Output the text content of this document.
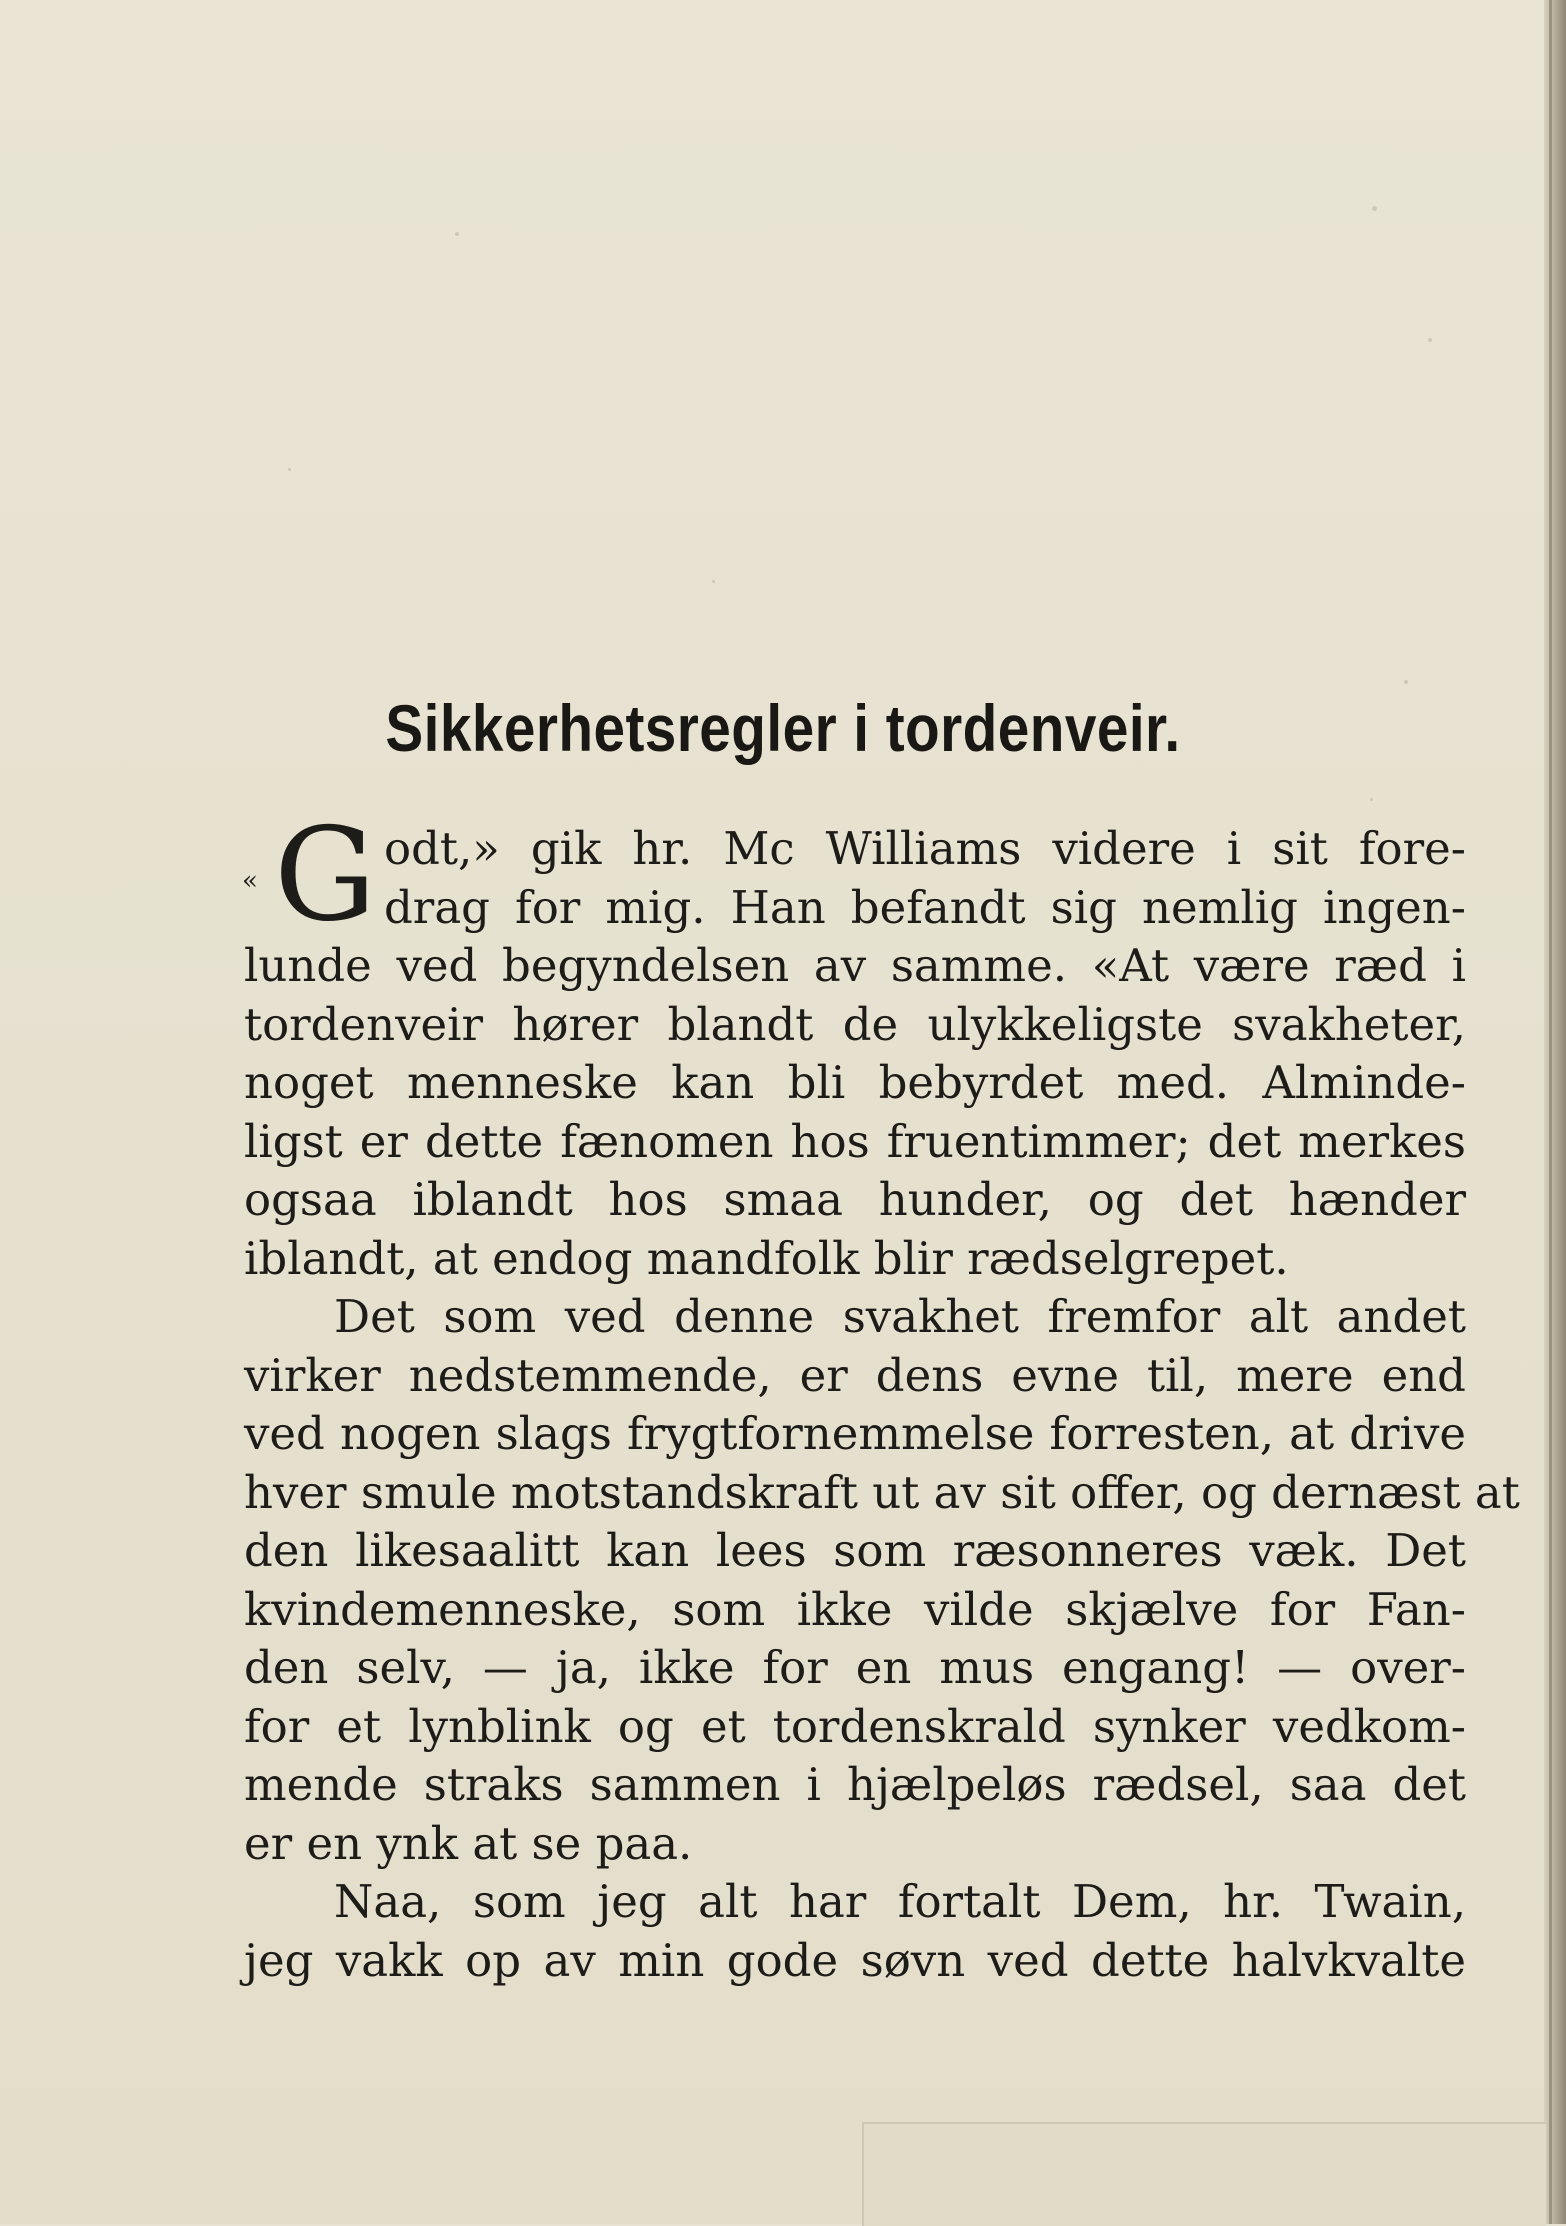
Sikkerhetsregler i tordenveir.
« G odt,» gik hr. Mc Williams videre i sit fore-
drag for mig. Han befandt sig nemlig ingen-
lunde ved begyndelsen av samme. «At være ræd i
tordenveir hører blandt de ulykkeligste svakheter,
noget menneske kan bli bebyrdet med. Alminde-
ligst er dette fænomen hos fruentimmer; det merkes
ogsaa iblandt hos smaa hunder, og det hænder
iblandt, at endog mandfolk blir rædselgrepet.
Det som ved denne svakhet fremfor alt andet
virker nedstemmende, er dens evne til, mere end
ved nogen slags frygtfornemmelse forresten, at drive
hver smule motstandskraft ut av sit offer, og dernæst at
den likesaalitt kan lees som ræsonneres væk. Det
kvindemenneske, som ikke vilde skjælve for Fan-
den selv, — ja, ikke for en mus engang! — over-
for et lynblink og et tordenskrald synker vedkom-
mende straks sammen i hjælpeløs rædsel, saa det
er en ynk at se paa.
Naa, som jeg alt har fortalt Dem, hr. Twain,
jeg vakk op av min gode søvn ved dette halvkvalte
